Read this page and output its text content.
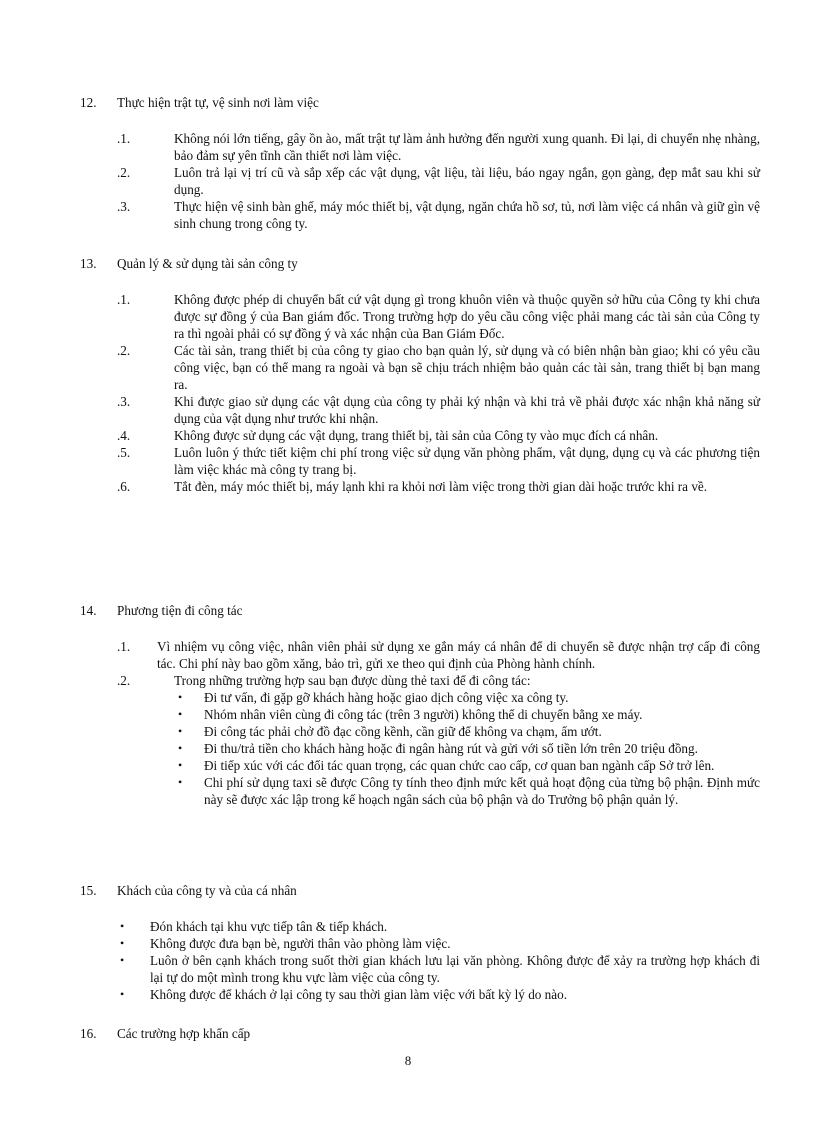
12. Thực hiện trật tự, vệ sinh nơi làm việc
.1.	Không nói lớn tiếng, gây ồn ào, mất trật tự làm ảnh hưởng đến người xung quanh. Đi lại, di chuyển nhẹ nhàng, bảo đảm sự yên tĩnh cần thiết nơi làm việc.
.2.	Luôn trả lại vị trí cũ và sắp xếp các vật dụng, vật liệu, tài liệu, báo ngay ngắn, gọn gàng, đẹp mắt sau khi sử dụng.
.3.	Thực hiện vệ sinh bàn ghế, máy móc thiết bị, vật dụng, ngăn chứa hồ sơ, tủ, nơi làm việc cá nhân và giữ gìn vệ sinh chung trong công ty.
13. Quản lý & sử dụng tài sản công ty
.1.	Không được phép di chuyển bất cứ vật dụng gì trong khuôn viên và thuộc quyền sở hữu của Công ty khi chưa được sự đồng ý của Ban giám đốc. Trong trường hợp do yêu cầu công việc phải mang các tài sản của Công ty ra thì ngoài phải có sự đồng ý và xác nhận của Ban Giám Đốc.
.2.	Các tài sản, trang thiết bị của công ty giao cho bạn quản lý, sử dụng và có biên nhận bàn giao; khi có yêu cầu công việc, bạn có thể mang ra ngoài và bạn sẽ chịu trách nhiệm bảo quản các tài sản, trang thiết bị bạn mang ra.
.3.	Khi được giao sử dụng các vật dụng của công ty phải ký nhận và khi trả về phải được xác nhận khả năng sử dụng của vật dụng như trước khi nhận.
.4.	Không được sử dụng các vật dụng, trang thiết bị, tài sản của Công ty vào mục đích cá nhân.
.5.	Luôn luôn ý thức tiết kiệm chi phí trong việc sử dụng văn phòng phẩm, vật dụng, dụng cụ và các phương tiện làm việc khác mà công ty trang bị.
.6.	Tắt đèn, máy móc thiết bị, máy lạnh khi ra khỏi nơi làm việc trong thời gian dài hoặc trước khi ra về.
14. Phương tiện đi công tác
.1. Vì nhiệm vụ công việc, nhân viên phải sử dụng xe gắn máy cá nhân để di chuyển sẽ được nhận trợ cấp đi công tác. Chi phí này bao gồm xăng, bảo trì, gửi xe theo qui định của Phòng hành chính.
.2.	Trong những trường hợp sau bạn được dùng thẻ taxi để đi công tác:
• Đi tư vấn, đi gặp gỡ khách hàng hoặc giao dịch công việc xa công ty.
• Nhóm nhân viên cùng đi công tác (trên 3 người) không thể di chuyển bằng xe máy.
• Đi công tác phải chở đồ đạc cồng kềnh, cần giữ để không va chạm, ẩm ướt.
• Đi thu/trả tiền cho khách hàng hoặc đi ngân hàng rút và gửi với số tiền lớn trên 20 triệu đồng.
• Đi tiếp xúc với các đối tác quan trọng, các quan chức cao cấp, cơ quan ban ngành cấp Sở trở lên.
• Chi phí sử dụng taxi sẽ được Công ty tính theo định mức kết quả hoạt động của từng bộ phận. Định mức này sẽ được xác lập trong kế hoạch ngân sách của bộ phận và do Trưởng bộ phận quản lý.
15. Khách của công ty và của cá nhân
• Đón khách tại khu vực tiếp tân & tiếp khách.
• Không được đưa bạn bè, người thân vào phòng làm việc.
• Luôn ở bên cạnh khách trong suốt thời gian khách lưu lại văn phòng. Không được để xảy ra trường hợp khách đi lại tự do một mình trong khu vực làm việc của công ty.
• Không được để khách ở lại công ty sau thời gian làm việc với bất kỳ lý do nào.
16. Các trường hợp khẩn cấp
8
